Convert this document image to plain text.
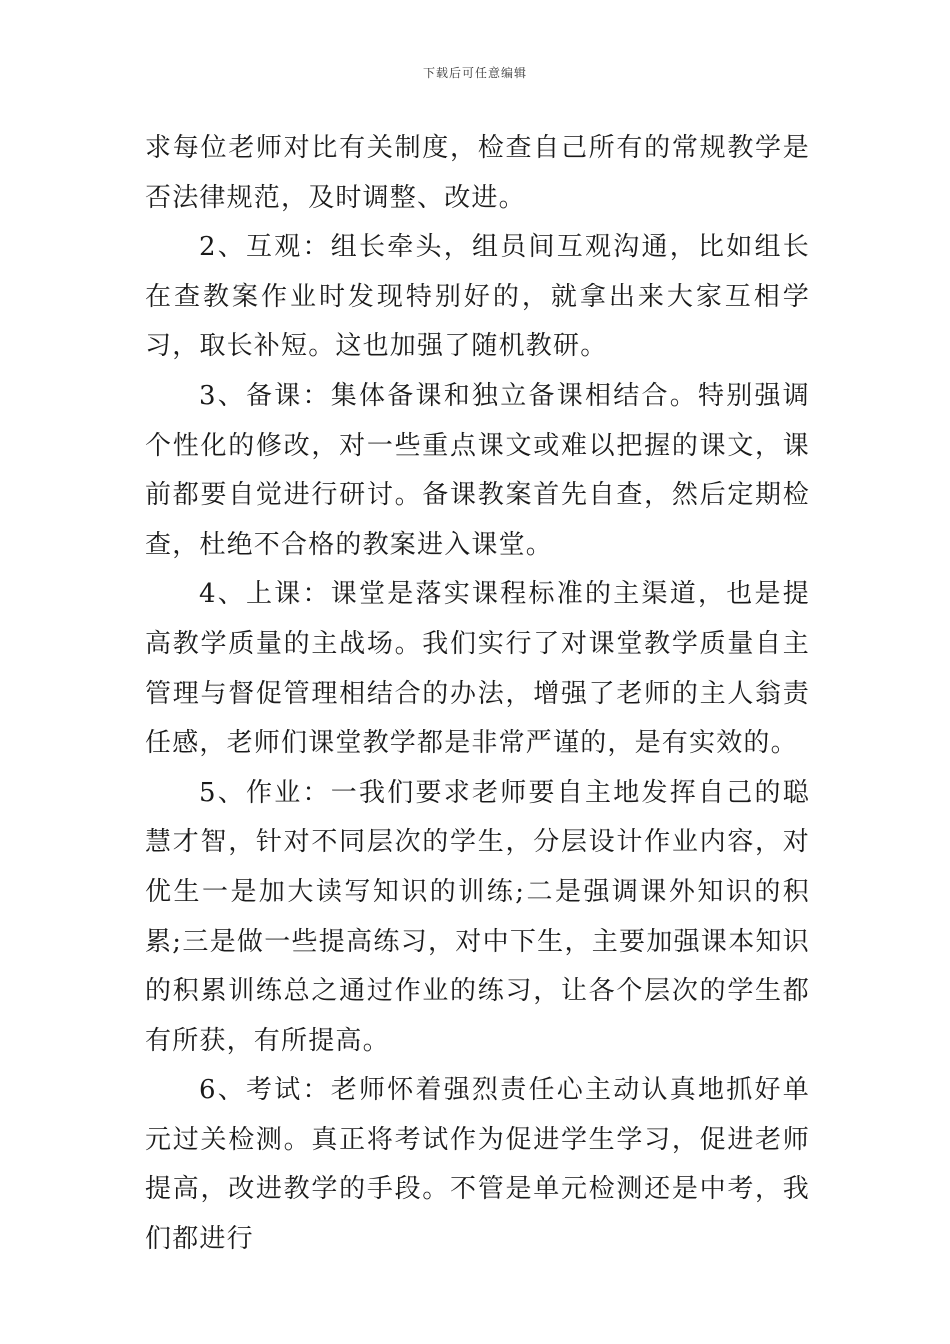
下载后可任意编辑

求每位老师对比有关制度，检查自己所有的常规教学是否法律规范，及时调整、改进。

2、互观：组长牵头，组员间互观沟通，比如组长在查教案作业时发现特别好的，就拿出来大家互相学习，取长补短。这也加强了随机教研。

3、备课：集体备课和独立备课相结合。特别强调个性化的修改，对一些重点课文或难以把握的课文，课前都要自觉进行研讨。备课教案首先自查，然后定期检查，杜绝不合格的教案进入课堂。

4、上课：课堂是落实课程标准的主渠道，也是提高教学质量的主战场。我们实行了对课堂教学质量自主管理与督促管理相结合的办法，增强了老师的主人翁责任感，老师们课堂教学都是非常严谨的，是有实效的。

5、作业：一我们要求老师要自主地发挥自己的聪慧才智，针对不同层次的学生，分层设计作业内容，对优生一是加大读写知识的训练;二是强调课外知识的积累;三是做一些提高练习，对中下生，主要加强课本知识的积累训练总之通过作业的练习，让各个层次的学生都有所获，有所提高。

6、考试：老师怀着强烈责任心主动认真地抓好单元过关检测。真正将考试作为促进学生学习，促进老师提高，改进教学的手段。不管是单元检测还是中考，我们都进行
